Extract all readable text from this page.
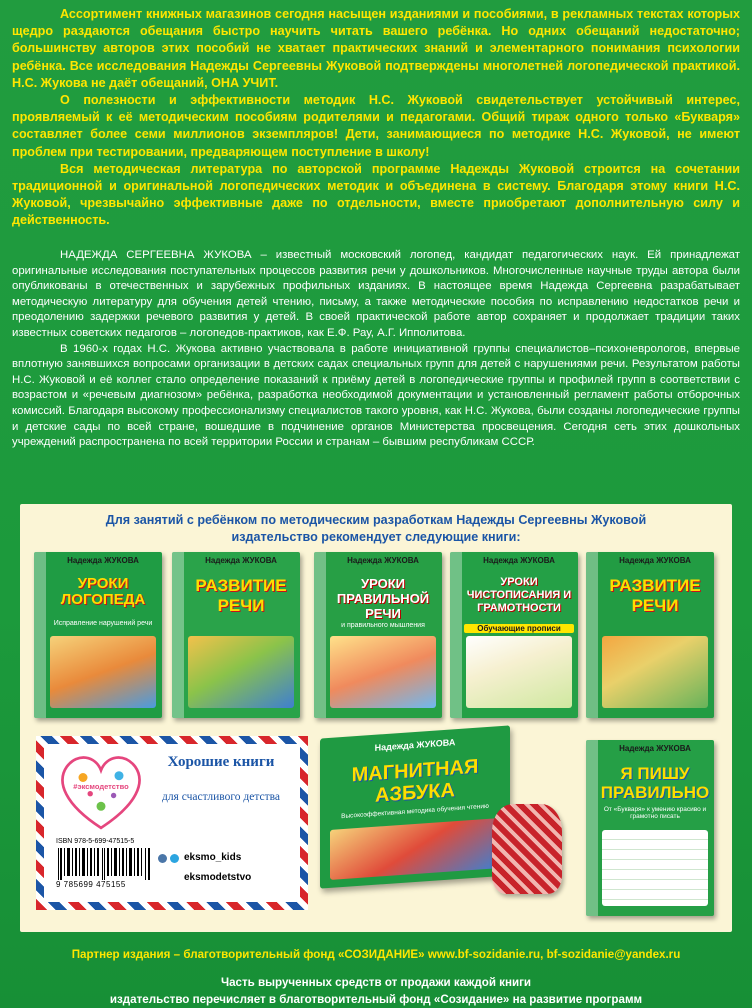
Ассортимент книжных магазинов сегодня насыщен изданиями и пособиями, в рекламных текстах которых щедро раздаются обещания быстро научить читать вашего ребёнка. Но одних обещаний недостаточно; большинству авторов этих пособий не хватает практических знаний и элементарного понимания психологии ребёнка. Все исследования Надежды Сергеевны Жуковой подтверждены многолетней логопедической практикой. Н.С. Жукова не даёт обещаний, ОНА УЧИТ.

О полезности и эффективности методик Н.С. Жуковой свидетельствует устойчивый интерес, проявляемый к её методическим пособиям родителями и педагогами. Общий тираж одного только «Букваря» составляет более семи миллионов экземпляров! Дети, занимающиеся по методике Н.С. Жуковой, не имеют проблем при тестировании, предваряющем поступление в школу!

Вся методическая литература по авторской программе Надежды Жуковой строится на сочетании традиционной и оригинальной логопедических методик и объединена в систему. Благодаря этому книги Н.С. Жуковой, чрезвычайно эффективные даже по отдельности, вместе приобретают дополнительную силу и действенность.

НАДЕЖДА СЕРГЕЕВНА ЖУКОВА – известный московский логопед, кандидат педагогических наук. Ей принадлежат оригинальные исследования поступательных процессов развития речи у дошкольников. Многочисленные научные труды автора были опубликованы в отечественных и зарубежных профильных изданиях. В настоящее время Надежда Сергеевна разрабатывает методическую литературу для обучения детей чтению, письму, а также методические пособия по исправлению недостатков речи и преодолению задержки речевого развития у детей. В своей практической работе автор сохраняет и продолжает традиции таких известных советских педагогов – логопедов-практиков, как Е.Ф. Рау, А.Г. Ипполитова.

В 1960-х годах Н.С. Жукова активно участвовала в работе инициативной группы специалистов–психоневрологов, впервые вплотную занявшихся вопросами организации в детских садах специальных групп для детей с нарушениями речи. Результатом работы Н.С. Жуковой и её коллег стало определение показаний к приёму детей в логопедические группы и профилей групп в соответствии с возрастом и «речевым диагнозом» ребёнка, разработка необходимой документации и установленный регламент работы отборочных комиссий. Благодаря высокому профессионализму специалистов такого уровня, как Н.С. Жукова, были созданы логопедические группы и детские сады по всей стране, вошедшие в подчинение органов Министерства просвещения. Сегодня сеть этих дошкольных учреждений распространена по всей территории России и странам – бывшим республикам СССР.

Для занятий с ребёнком по методическим разработкам Надежды Сергеевны Жуковой
издательство рекомендует следующие книги:
Надежда ЖУКОВА
УРОКИ ЛОГОПЕДА
Исправление нарушений речи
Надежда ЖУКОВА
РАЗВИТИЕ РЕЧИ
Надежда ЖУКОВА
УРОКИ ПРАВИЛЬНОЙ РЕЧИ
и правильного мышления
Надежда ЖУКОВА
УРОКИ ЧИСТОПИСАНИЯ И ГРАМОТНОСТИ
Обучающие прописи
Надежда ЖУКОВА
РАЗВИТИЕ РЕЧИ
#эксмодетство
Хорошие книги
для счастливого детства
ISBN 978-5-699-47515-5
9 785699 475155
eksmo_kids
eksmodetstvo
Надежда ЖУКОВА
МАГНИТНАЯ АЗБУКА
Высокоэффективная методика обучения чтению
Надежда ЖУКОВА
Я ПИШУ ПРАВИЛЬНО
От «Букваря» к умению красиво и грамотно писать
Партнер издания – благотворительный фонд «СОЗИДАНИЕ» www.bf-sozidanie.ru, bf-sozidanie@yandex.ru
Часть вырученных средств от продажи каждой книги
издательство перечисляет в благотворительный фонд «Созидание» на развитие программ
